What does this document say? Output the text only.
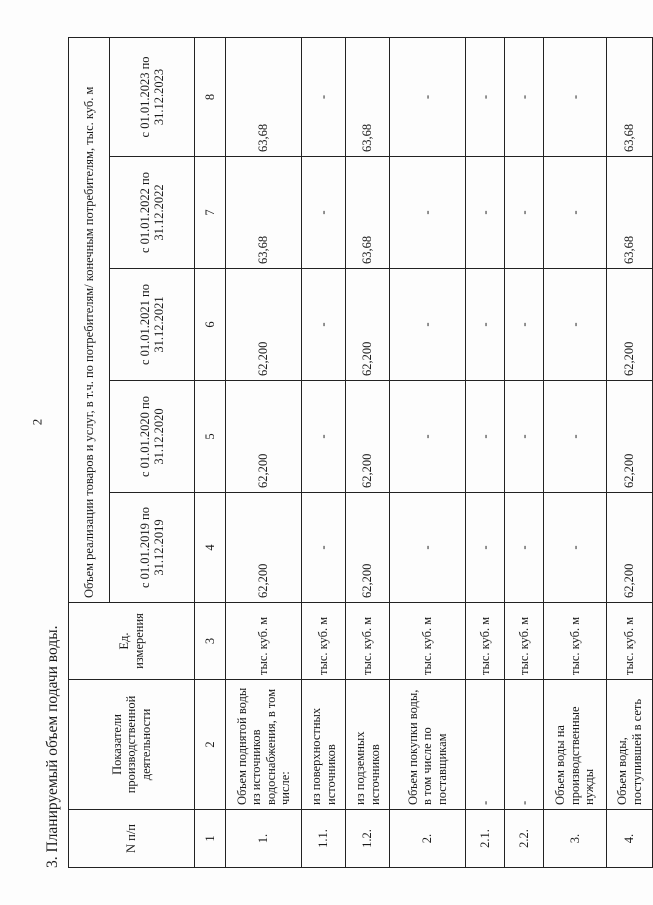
2
3. Планируемый объем подачи воды.	N п/п	Показатели производственной деятельности	Ед. измерения	Объем реализации товаров и услуг, в т.ч. по потребителям/ конечным потребителям, тыс. куб. м				
			с 01.01.2019 по 31.12.2019	с 01.01.2020 по 31.12.2020	с 01.01.2021 по 31.12.2021	с 01.01.2022 по 31.12.2022	с 01.01.2023 по 31.12.2023
1	2	3	4	5	6	7	8
1.	Объем поднятой воды из источников водоснабжения, в том числе:	тыс. куб. м	62,200	62,200	62,200	63,68	63,68
1.1.	из поверхностных источников	тыс. куб. м	-	-	-	-	-
1.2.	из подземных источников	тыс. куб. м	62,200	62,200	62,200	63,68	63,68
2.	Объем покупки воды, в том числе по поставщикам	тыс. куб. м	-	-	-	-	-
2.1.	-	тыс. куб. м	-	-	-	-	-
2.2.	-	тыс. куб. м	-	-	-	-	-
3.	Объем воды на производственные нужды	тыс. куб. м	-	-	-	-	-
4.	Объем воды, поступившей в сеть	тыс. куб. м	62,200	62,200	62,200	63,68	63,68
